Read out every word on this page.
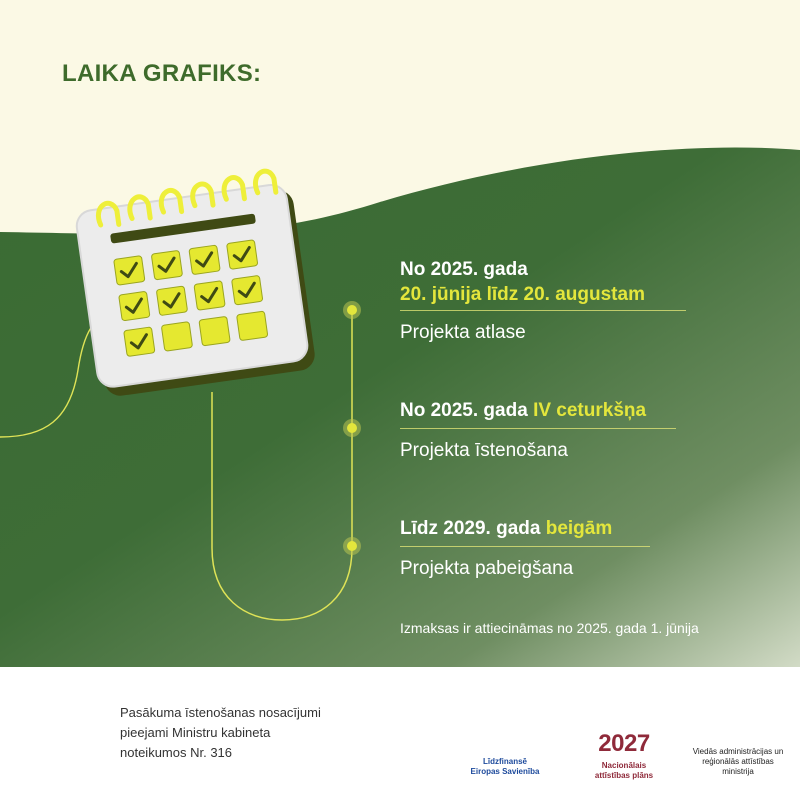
LAIKA GRAFIKS:
No 2025. gada
20. jūnija līdz 20. augustam
Projekta atlase
No 2025. gada IV ceturkšņa
Projekta īstenošana
Līdz 2029. gada beigām
Projekta pabeigšana
Izmaksas ir attiecināmas no 2025. gada 1. jūnija
Pasākuma īstenošanas nosacījumi
pieejami Ministru kabineta
noteikumos Nr. 316
Līdzfinansē
Eiropas Savienība
2027
Nacionālais
attīstības plāns
Viedās administrācijas un
reģionālās attīstības
ministrija
